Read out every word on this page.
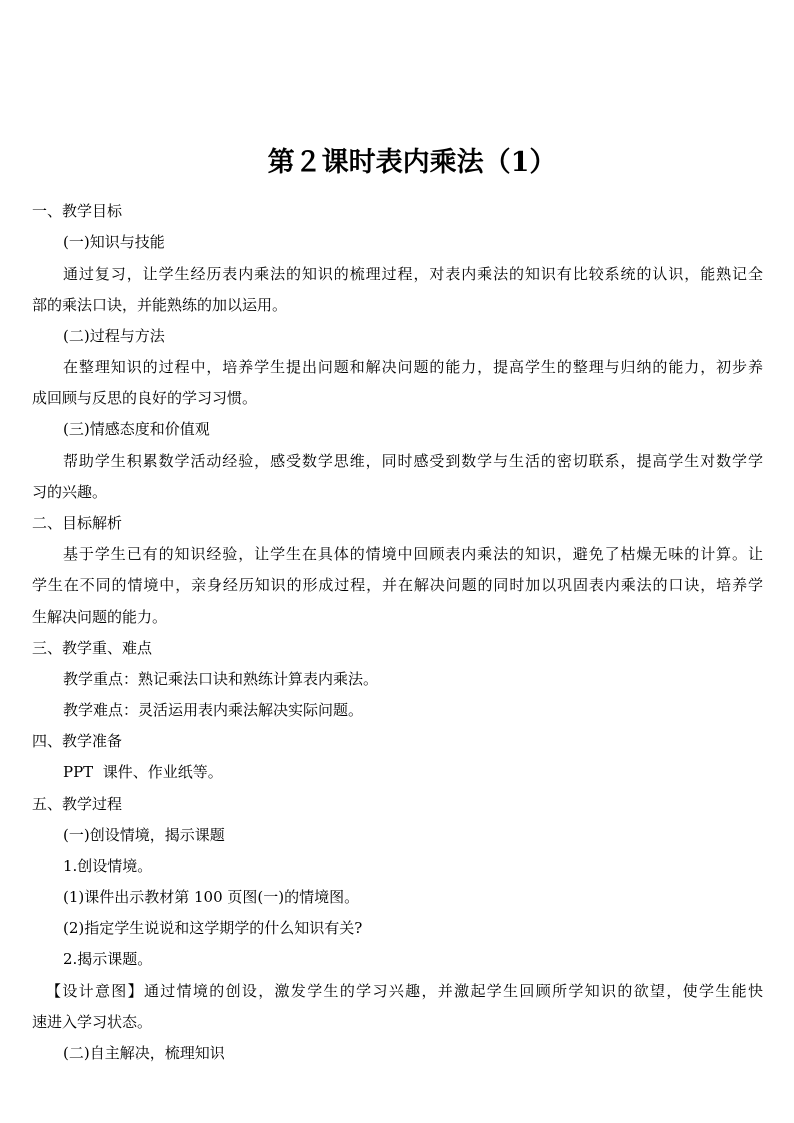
第２课时表内乘法（1）
一、教学目标
(一)知识与技能
通过复习，让学生经历表内乘法的知识的梳理过程，对表内乘法的知识有比较系统的认识，能熟记全
部的乘法口诀，并能熟练的加以运用。
(二)过程与方法
在整理知识的过程中，培养学生提出问题和解决问题的能力，提高学生的整理与归纳的能力，初步养
成回顾与反思的良好的学习习惯。
(三)情感态度和价值观
帮助学生积累数学活动经验，感受数学思维，同时感受到数学与生活的密切联系，提高学生对数学学
习的兴趣。
二、目标解析
基于学生已有的知识经验，让学生在具体的情境中回顾表内乘法的知识，避免了枯燥无味的计算。让
学生在不同的情境中，亲身经历知识的形成过程，并在解决问题的同时加以巩固表内乘法的口诀，培养学
生解决问题的能力。
三、教学重、难点
教学重点：熟记乘法口诀和熟练计算表内乘法。
教学难点：灵活运用表内乘法解决实际问题。
四、教学准备
PPT  课件、作业纸等。
五、教学过程
(一)创设情境，揭示课题
1.创设情境。
(1)课件出示教材第 100 页图(一)的情境图。
(2)指定学生说说和这学期学的什么知识有关?
2.揭示课题。
【设计意图】通过情境的创设，激发学生的学习兴趣，并激起学生回顾所学知识的欲望，使学生能快
速进入学习状态。
(二)自主解决，梳理知识
